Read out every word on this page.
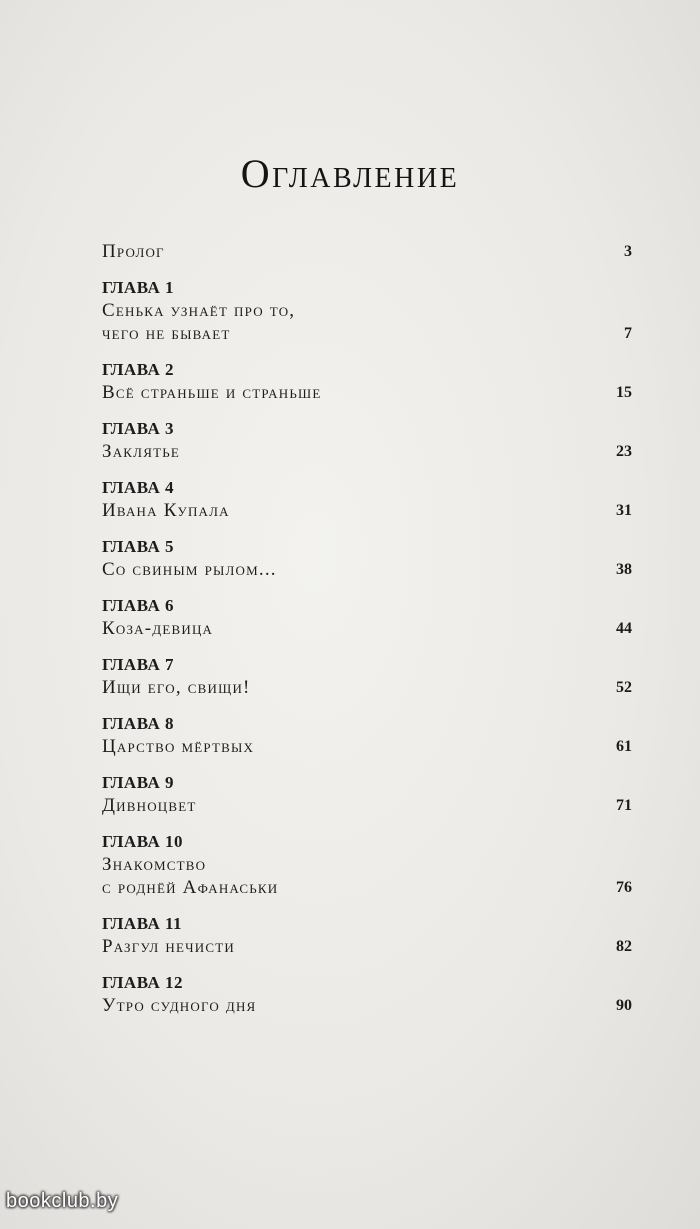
Оглавление
Пролог	3
ГЛАВА 1
Сенька узнаёт про то,
чего не бывает	7
ГЛАВА 2
Всё страньше и страньше	15
ГЛАВА 3
Заклятье	23
ГЛАВА 4
Ивана Купала	31
ГЛАВА 5
Со свиным рылом...	38
ГЛАВА 6
Коза-девица	44
ГЛАВА 7
Ищи его, свищи!	52
ГЛАВА 8
Царство мёртвых	61
ГЛАВА 9
Дивноцвет	71
ГЛАВА 10
Знакомство
с роднёй Афанаськи	76
ГЛАВА 11
Разгул нечисти	82
ГЛАВА 12
Утро судного дня	90
bookclub.by
